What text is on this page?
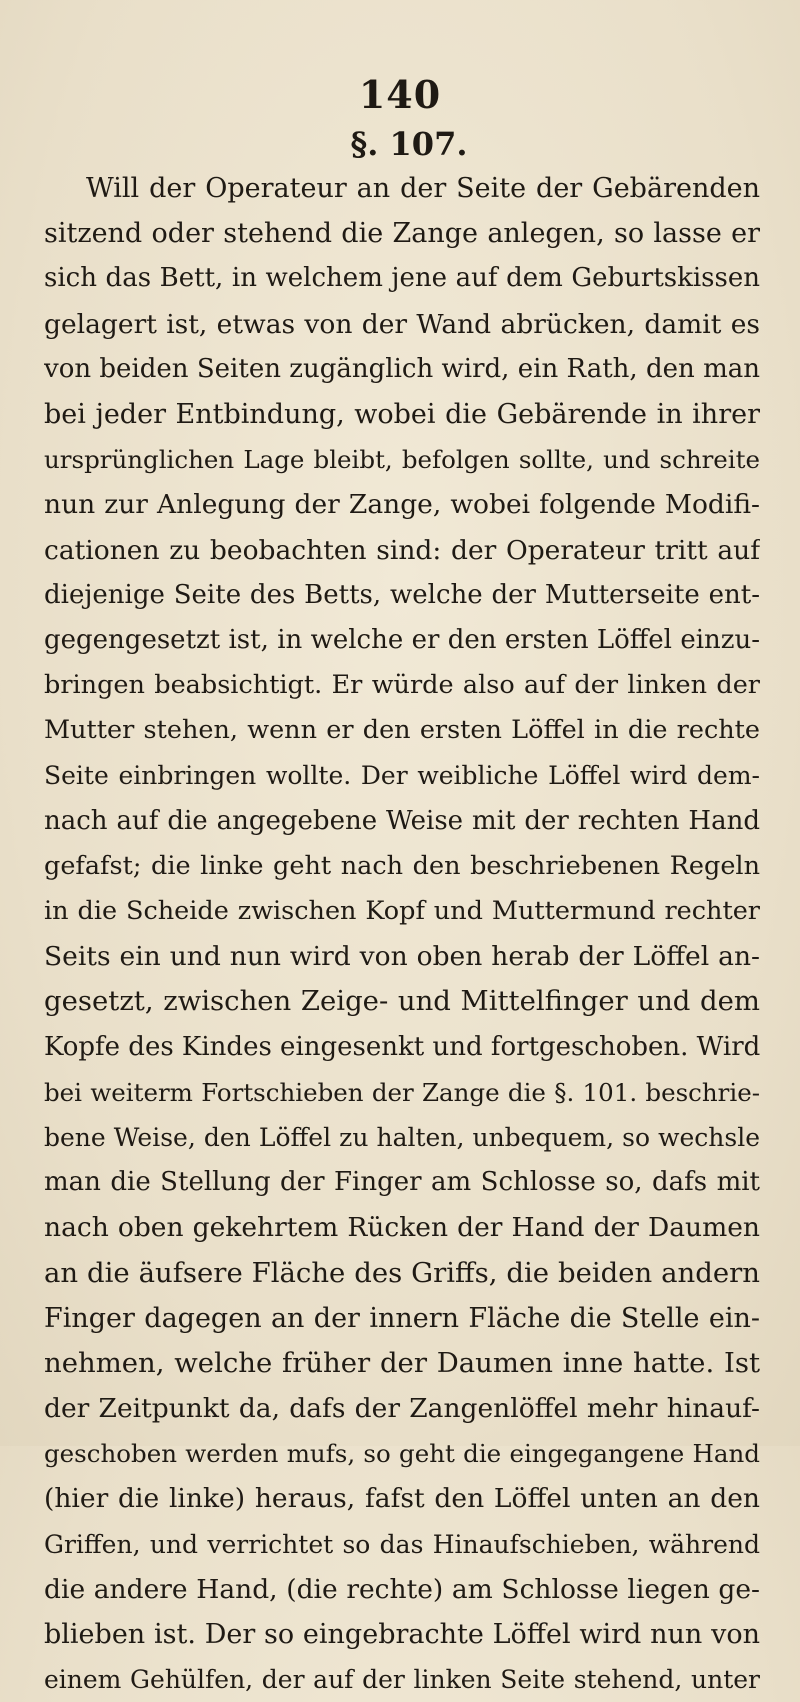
140
§. 107.
Will der Operateur an der Seite der Gebärenden
sitzend oder stehend die Zange anlegen, so lasse er
sich das Bett, in welchem jene auf dem Geburtskissen
gelagert ist, etwas von der Wand abrücken, damit es
von beiden Seiten zugänglich wird, ein Rath, den man
bei jeder Entbindung, wobei die Gebärende in ihrer
ursprünglichen Lage bleibt, befolgen sollte, und schreite
nun zur Anlegung der Zange, wobei folgende Modifi-
cationen zu beobachten sind: der Operateur tritt auf
diejenige Seite des Betts, welche der Mutterseite ent-
gegengesetzt ist, in welche er den ersten Löffel einzu-
bringen beabsichtigt. Er würde also auf der linken der
Mutter stehen, wenn er den ersten Löffel in die rechte
Seite einbringen wollte. Der weibliche Löffel wird dem-
nach auf die angegebene Weise mit der rechten Hand
gefafst; die linke geht nach den beschriebenen Regeln
in die Scheide zwischen Kopf und Muttermund rechter
Seits ein und nun wird von oben herab der Löffel an-
gesetzt, zwischen Zeige- und Mittelfinger und dem
Kopfe des Kindes eingesenkt und fortgeschoben. Wird
bei weiterm Fortschieben der Zange die §. 101. beschrie-
bene Weise, den Löffel zu halten, unbequem, so wechsle
man die Stellung der Finger am Schlosse so, dafs mit
nach oben gekehrtem Rücken der Hand der Daumen
an die äufsere Fläche des Griffs, die beiden andern
Finger dagegen an der innern Fläche die Stelle ein-
nehmen, welche früher der Daumen inne hatte. Ist
der Zeitpunkt da, dafs der Zangenlöffel mehr hinauf-
geschoben werden mufs, so geht die eingegangene Hand
(hier die linke) heraus, fafst den Löffel unten an den
Griffen, und verrichtet so das Hinaufschieben, während
die andere Hand, (die rechte) am Schlosse liegen ge-
blieben ist. Der so eingebrachte Löffel wird nun von
einem Gehülfen, der auf der linken Seite stehend, unter
